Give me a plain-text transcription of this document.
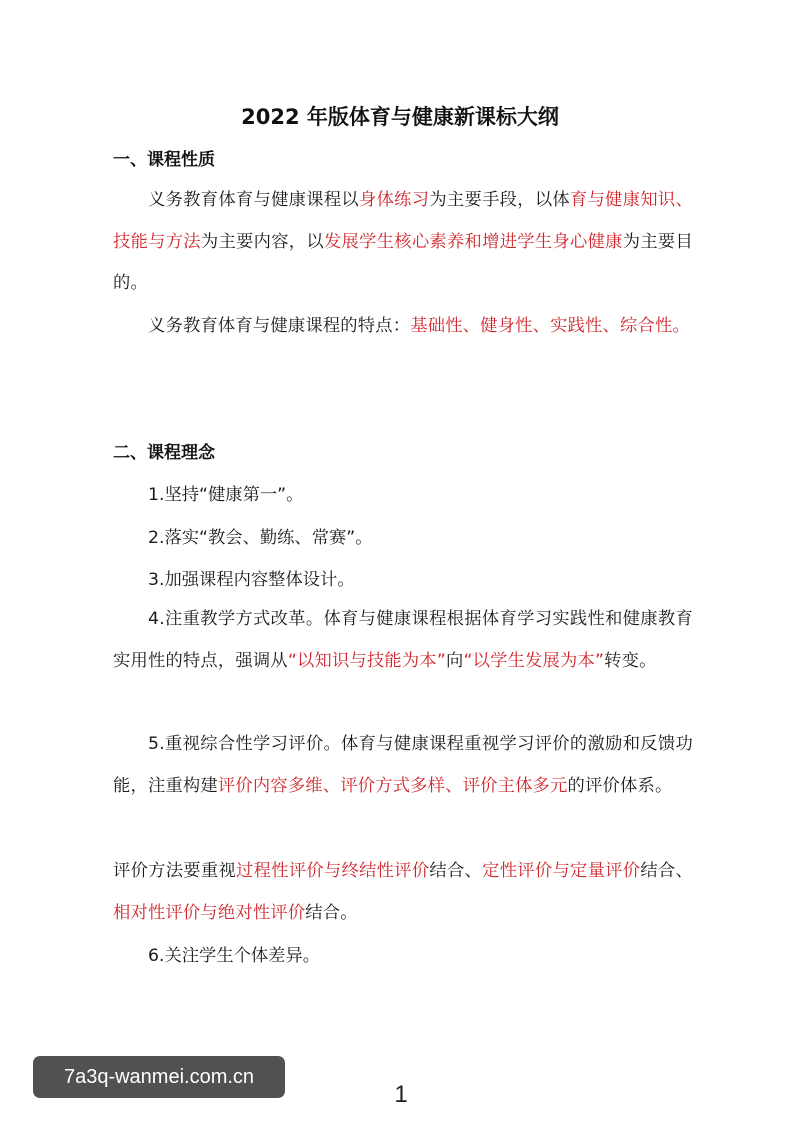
2022 年版体育与健康新课标大纲
一、课程性质

义务教育体育与健康课程以身体练习为主要手段，以体育与健康知识、技能与方法为主要内容，以发展学生核心素养和增进学生身心健康为主要目的。

义务教育体育与健康课程的特点：基础性、健身性、实践性、综合性。

二、课程理念
1.坚持“健康第一”。
2.落实“教会、勤练、常赛”。
3.加强课程内容整体设计。

4.注重教学方式改革。体育与健康课程根据体育学习实践性和健康教育实用性的特点，强调从“以知识与技能为本”向“以学生发展为本”转变。

5.重视综合性学习评价。体育与健康课程重视学习评价的激励和反馈功能，注重构建评价内容多维、评价方式多样、评价主体多元的评价体系。

评价方法要重视过程性评价与终结性评价结合、定性评价与定量评价结合、相对性评价与绝对性评价结合。

6.关注学生个体差异。
1
7a3q-wanmei.com.cn
